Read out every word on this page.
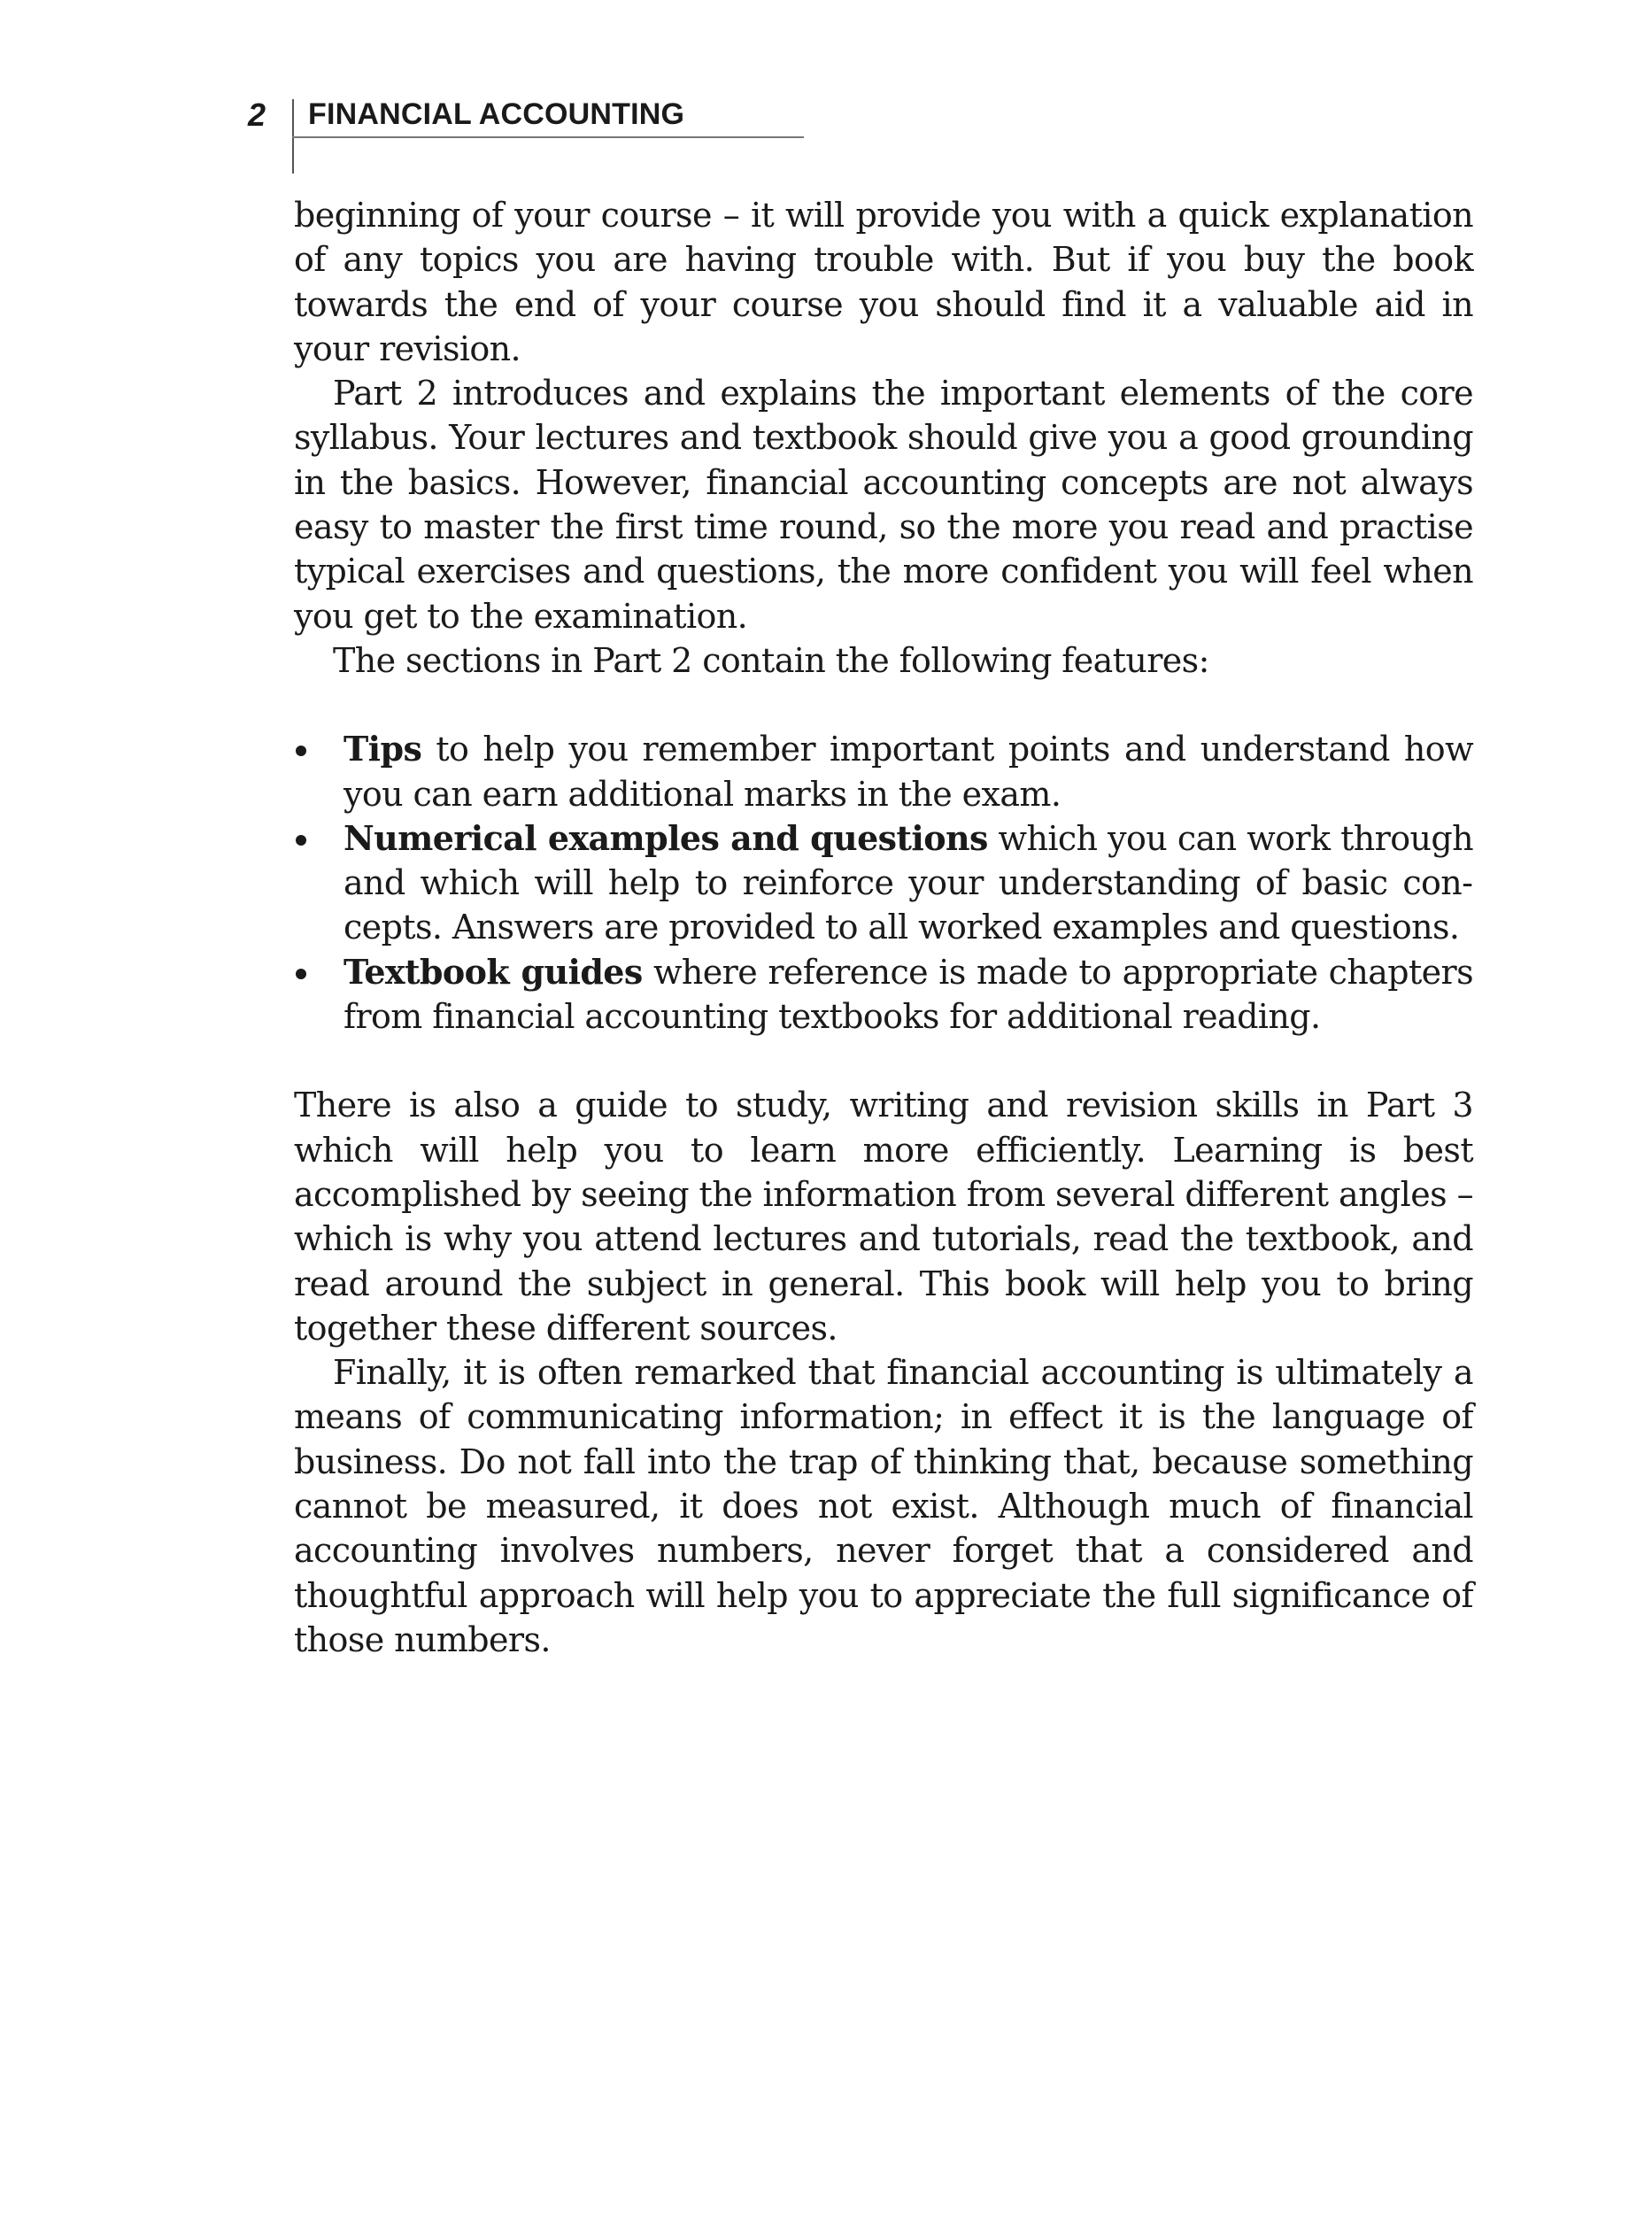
2 FINANCIAL ACCOUNTING

beginning of your course – it will provide you with a quick explanation of any topics you are having trouble with. But if you buy the book towards the end of your course you should find it a valuable aid in your revision.

Part 2 introduces and explains the important elements of the core syllabus. Your lectures and textbook should give you a good grounding in the basics. However, financial accounting concepts are not always easy to master the first time round, so the more you read and practise typical exercises and questions, the more confident you will feel when you get to the examination.

The sections in Part 2 contain the following features:

Tips to help you remember important points and understand how you can earn additional marks in the exam.
Numerical examples and questions which you can work through and which will help to reinforce your understanding of basic concepts. Answers are provided to all worked examples and questions.
Textbook guides where reference is made to appropriate chapters from financial accounting textbooks for additional reading.

There is also a guide to study, writing and revision skills in Part 3 which will help you to learn more efficiently. Learning is best accomplished by seeing the information from several different angles – which is why you attend lectures and tutorials, read the textbook, and read around the subject in general. This book will help you to bring together these different sources.

Finally, it is often remarked that financial accounting is ultimately a means of communicating information; in effect it is the language of business. Do not fall into the trap of thinking that, because something cannot be measured, it does not exist. Although much of financial accounting involves numbers, never forget that a considered and thoughtful approach will help you to appreciate the full significance of those numbers.
